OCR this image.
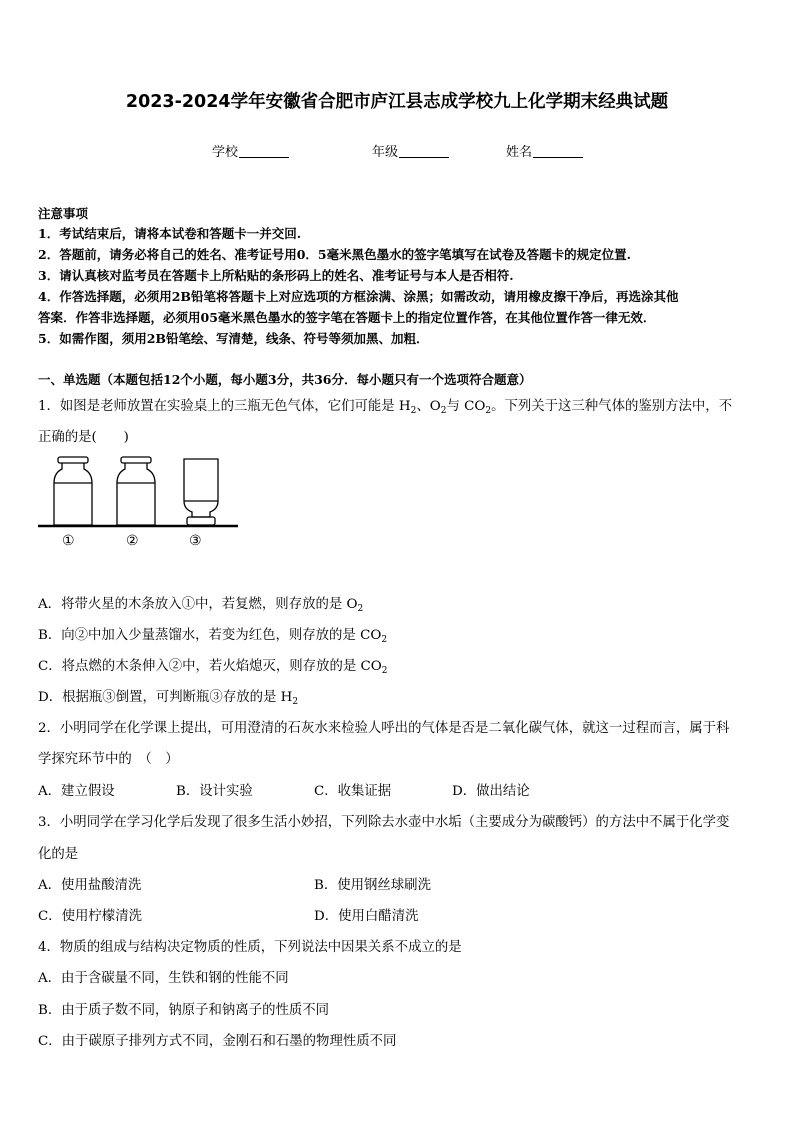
2023-2024学年安徽省合肥市庐江县志成学校九上化学期末经典试题
学校	年级	姓名
注意事项
1．考试结束后，请将本试卷和答题卡一并交回.
2．答题前，请务必将自己的姓名、准考证号用0．5毫米黑色墨水的签字笔填写在试卷及答题卡的规定位置.
3．请认真核对监考员在答题卡上所粘贴的条形码上的姓名、准考证号与本人是否相符.
4．作答选择题，必须用2B铅笔将答题卡上对应选项的方框涂满、涂黑；如需改动，请用橡皮擦干净后，再选涂其他
答案．作答非选择题，必须用05毫米黑色墨水的签字笔在答题卡上的指定位置作答，在其他位置作答一律无效．
5．如需作图，须用2B铅笔绘、写清楚，线条、符号等须加黑、加粗．
一、单选题（本题包括12个小题，每小题3分，共36分．每小题只有一个选项符合题意）
1．如图是老师放置在实验桌上的三瓶无色气体，它们可能是 $H_2$、$O_2$与 $CO_2$。下列关于这三种气体的鉴别方法中，不
正确的是(　　)
①	②	③
A．将带火星的木条放入①中，若复燃，则存放的是 $O_2$
B．向②中加入少量蒸馏水，若变为红色，则存放的是 $CO_2$
C．将点燃的木条伸入②中，若火焰熄灭，则存放的是 $CO_2$
D．根据瓶③倒置，可判断瓶③存放的是 $H_2$
2．小明同学在化学课上提出，可用澄清的石灰水来检验人呼出的气体是否是二氧化碳气体，就这一过程而言，属于科
学探究环节中的　（　）
A．建立假设	B．设计实验	C．收集证据	D．做出结论
3．小明同学在学习化学后发现了很多生活小妙招，下列除去水壶中水垢（主要成分为碳酸钙）的方法中不属于化学变
化的是
A．使用盐酸清洗	B．使用钢丝球刷洗
C．使用柠檬清洗	D．使用白醋清洗
4．物质的组成与结构决定物质的性质，下列说法中因果关系不成立的是
A．由于含碳量不同，生铁和钢的性能不同
B．由于质子数不同，钠原子和钠离子的性质不同
C．由于碳原子排列方式不同，金刚石和石墨的物理性质不同
